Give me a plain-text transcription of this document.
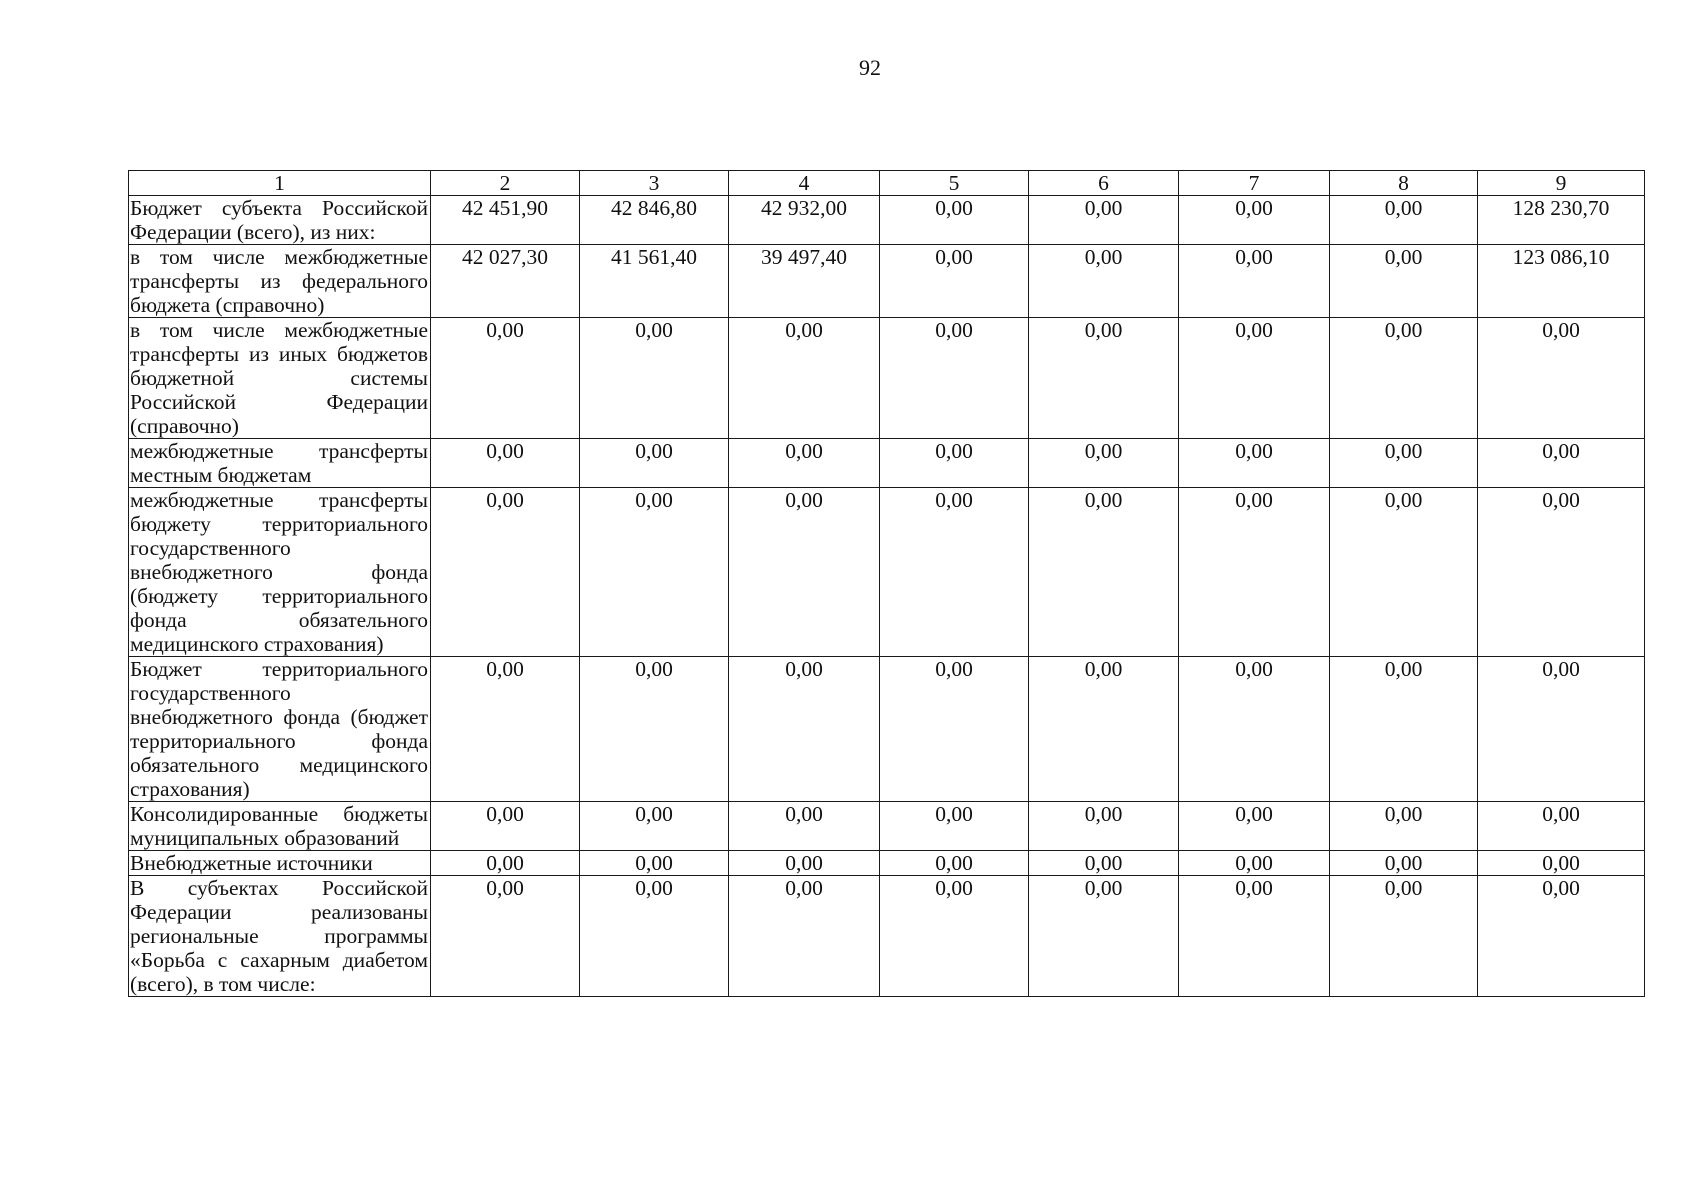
92
1	2	3	4	5	6	7	8	9
Бюджет субъекта Российской Федерации (всего), из них:	42 451,90	42 846,80	42 932,00	0,00	0,00	0,00	0,00	128 230,70
в том числе межбюджетные трансферты из федерального бюджета (справочно)	42 027,30	41 561,40	39 497,40	0,00	0,00	0,00	0,00	123 086,10
в том числе межбюджетные трансферты из иных бюджетов бюджетной системы Российской Федерации (справочно)	0,00	0,00	0,00	0,00	0,00	0,00	0,00	0,00
межбюджетные трансферты местным бюджетам	0,00	0,00	0,00	0,00	0,00	0,00	0,00	0,00
межбюджетные трансферты бюджету территориального государственного внебюджетного фонда (бюджету территориального фонда обязательного медицинского страхования)	0,00	0,00	0,00	0,00	0,00	0,00	0,00	0,00
Бюджет территориального государственного внебюджетного фонда (бюджет территориального фонда обязательного медицинского страхования)	0,00	0,00	0,00	0,00	0,00	0,00	0,00	0,00
Консолидированные бюджеты муниципальных образований	0,00	0,00	0,00	0,00	0,00	0,00	0,00	0,00
Внебюджетные источники	0,00	0,00	0,00	0,00	0,00	0,00	0,00	0,00
В субъектах Российской Федерации реализованы региональные программы «Борьба с сахарным диабетом (всего), в том числе:	0,00	0,00	0,00	0,00	0,00	0,00	0,00	0,00
